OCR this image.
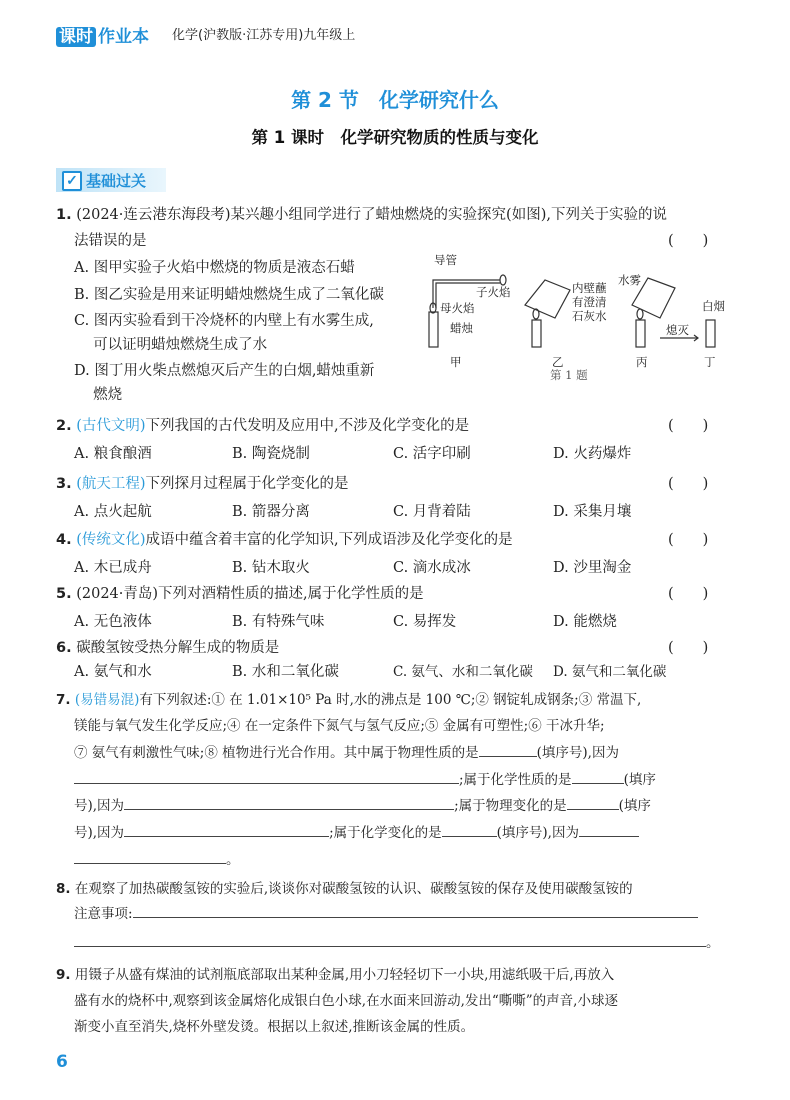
课时 作业本 化学(沪教版·江苏专用)九年级上
第 2 节　化学研究什么
第 1 课时　化学研究物质的性质与变化
✓ 基础过关
1. (2024·连云港东海段考)某兴趣小组同学进行了蜡烛燃烧的实验探究(如图),下列关于实验的说
法错误的是	(　　)
A. 图甲实验子火焰中燃烧的物质是液态石蜡
B. 图乙实验是用来证明蜡烛燃烧生成了二氧化碳
C. 图丙实验看到干冷烧杯的内壁上有水雾生成,
　 可以证明蜡烛燃烧生成了水
D. 图丁用火柴点燃熄灭后产生的白烟,蜡烛重新
　 燃烧
导管
子火焰
母火焰
蜡烛
内壁蘸
有澄清
石灰水
水雾
白烟
熄灭
甲	乙	丙	丁
第 1 题
2. (古代文明)下列我国的古代发明及应用中,不涉及化学变化的是	(　　)
A. 粮食酿酒	B. 陶瓷烧制	C. 活字印刷	D. 火药爆炸
3. (航天工程)下列探月过程属于化学变化的是	(　　)
A. 点火起航	B. 箭器分离	C. 月背着陆	D. 采集月壤
4. (传统文化)成语中蕴含着丰富的化学知识,下列成语涉及化学变化的是	(　　)
A. 木已成舟	B. 钻木取火	C. 滴水成冰	D. 沙里淘金
5. (2024·青岛)下列对酒精性质的描述,属于化学性质的是	(　　)
A. 无色液体	B. 有特殊气味	C. 易挥发	D. 能燃烧
6. 碳酸氢铵受热分解生成的物质是	(　　)
A. 氨气和水	B. 水和二氧化碳	C. 氨气、水和二氧化碳 D. 氨气和二氧化碳
7. (易错易混)有下列叙述:① 在 1.01×10⁵ Pa 时,水的沸点是 100 ℃;② 钢锭轧成钢条;③ 常温下,
镁能与氧气发生化学反应;④ 在一定条件下氮气与氢气反应;⑤ 金属有可塑性;⑥ 干冰升华;
⑦ 氨气有刺激性气味;⑧ 植物进行光合作用。其中属于物理性质的是	(填序号),因为
;属于化学性质的是	(填序
号),因为	;属于物理变化的是	(填序
号),因为	;属于化学变化的是	(填序号),因为
。
8. 在观察了加热碳酸氢铵的实验后,谈谈你对碳酸氢铵的认识、碳酸氢铵的保存及使用碳酸氢铵的
注意事项:
。
9. 用镊子从盛有煤油的试剂瓶底部取出某种金属,用小刀轻轻切下一小块,用滤纸吸干后,再放入
盛有水的烧杯中,观察到该金属熔化成银白色小球,在水面来回游动,发出“嘶嘶”的声音,小球逐
渐变小直至消失,烧杯外壁发烫。根据以上叙述,推断该金属的性质。
6
